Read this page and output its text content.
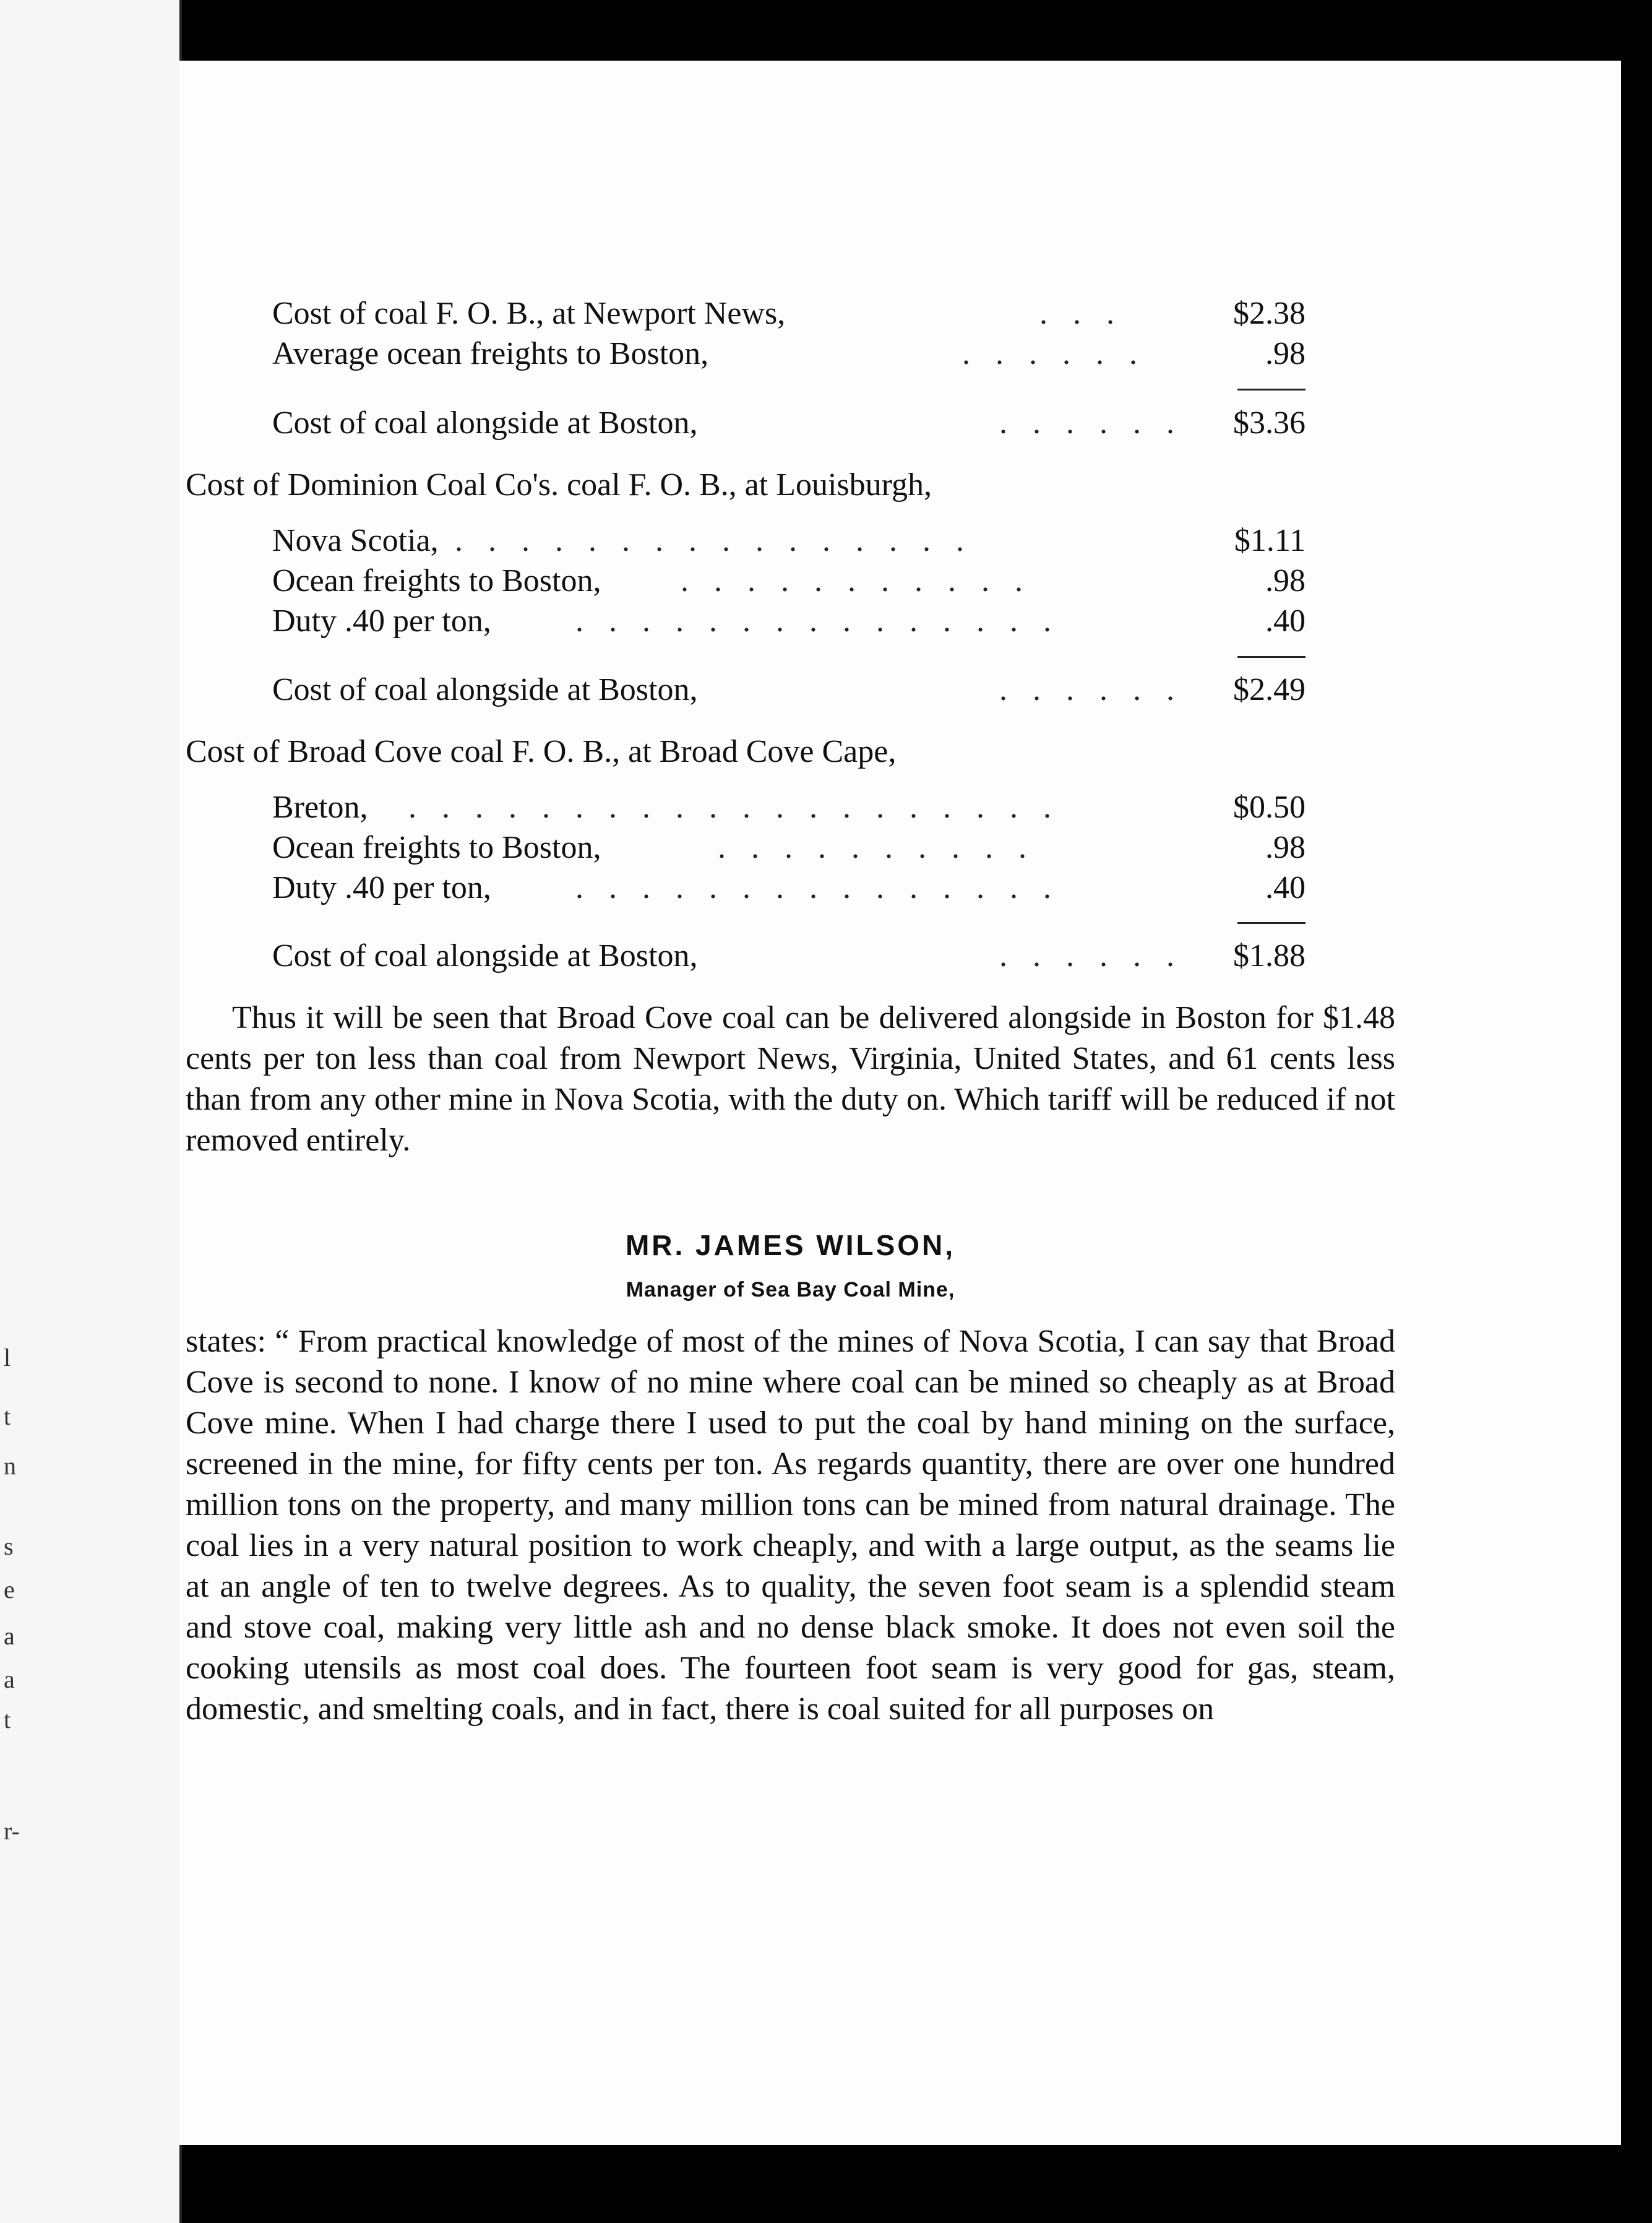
l
t
n
s
e
a
a
t
r-
Cost of coal F. O. B., at Newport News,	. . .	$2.38
Average ocean freights to Boston,	. . . . . .	.98
Cost of coal alongside at Boston,	. . . . . . $3.36
Cost of Dominion Coal Co's. coal F. O. B., at Louisburgh,
Nova Scotia, . . . . . . . . . . . . . . . .	$1.11
Ocean freights to Boston, . . . . . . . . . . .	.98
Duty .40 per ton,	. . . . . . . . . . . . . . .	.40
Cost of coal alongside at Boston,	. . . . . . $2.49
Cost of Broad Cove coal F. O. B., at Broad Cove Cape,
Breton, . . . . . . . . . . . . . . . . . . . .	$0.50
Ocean freights to Boston,	. . . . . . . . . .	.98
Duty .40 per ton,	. . . . . . . . . . . . . . .	.40
Cost of coal alongside at Boston,	. . . . . . $1.88
Thus it will be seen that Broad Cove coal can be delivered alongside in Boston for $1.48 cents per ton less than coal from Newport News, Virginia, United States, and 61 cents less than from any other mine in Nova Scotia, with the duty on. Which tariff will be reduced if not removed entirely.
MR. JAMES WILSON,
Manager of Sea Bay Coal Mine,
states: “ From practical knowledge of most of the mines of Nova Scotia, I can say that Broad Cove is second to none. I know of no mine where coal can be mined so cheaply as at Broad Cove mine. When I had charge there I used to put the coal by hand mining on the surface, screened in the mine, for fifty cents per ton. As regards quantity, there are over one hundred million tons on the property, and many million tons can be mined from natural drainage. The coal lies in a very natural position to work cheaply, and with a large output, as the seams lie at an angle of ten to twelve degrees. As to quality, the seven foot seam is a splendid steam and stove coal, making very little ash and no dense black smoke. It does not even soil the cooking utensils as most coal does. The fourteen foot seam is very good for gas, steam, domestic, and smelting coals, and in fact, there is coal suited for all purposes on
